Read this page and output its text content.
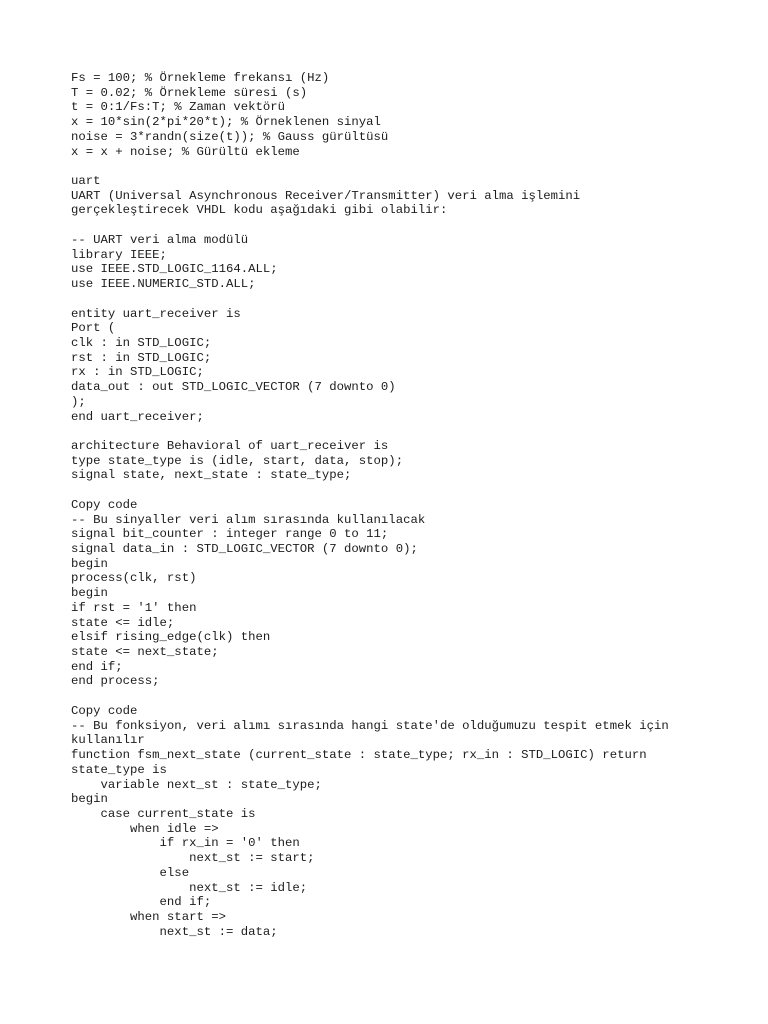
Fs = 100; % Örnekleme frekansı (Hz)
T = 0.02; % Örnekleme süresi (s)
t = 0:1/Fs:T; % Zaman vektörü
x = 10*sin(2*pi*20*t); % Örneklenen sinyal
noise = 3*randn(size(t)); % Gauss gürültüsü
x = x + noise; % Gürültü ekleme
uart
UART (Universal Asynchronous Receiver/Transmitter) veri alma işlemini
gerçekleştirecek VHDL kodu aşağıdaki gibi olabilir:
-- UART veri alma modülü
library IEEE;
use IEEE.STD_LOGIC_1164.ALL;
use IEEE.NUMERIC_STD.ALL;
entity uart_receiver is
Port (
clk : in STD_LOGIC;
rst : in STD_LOGIC;
rx : in STD_LOGIC;
data_out : out STD_LOGIC_VECTOR (7 downto 0)
);
end uart_receiver;
architecture Behavioral of uart_receiver is
type state_type is (idle, start, data, stop);
signal state, next_state : state_type;
Copy code
-- Bu sinyaller veri alım sırasında kullanılacak
signal bit_counter : integer range 0 to 11;
signal data_in : STD_LOGIC_VECTOR (7 downto 0);
begin
process(clk, rst)
begin
if rst = '1' then
state <= idle;
elsif rising_edge(clk) then
state <= next_state;
end if;
end process;
Copy code
-- Bu fonksiyon, veri alımı sırasında hangi state'de olduğumuzu tespit etmek için
kullanılır
function fsm_next_state (current_state : state_type; rx_in : STD_LOGIC) return
state_type is
variable next_st : state_type;
begin
case current_state is
when idle =>
if rx_in = '0' then
next_st := start;
else
next_st := idle;
end if;
when start =>
next_st := data;
